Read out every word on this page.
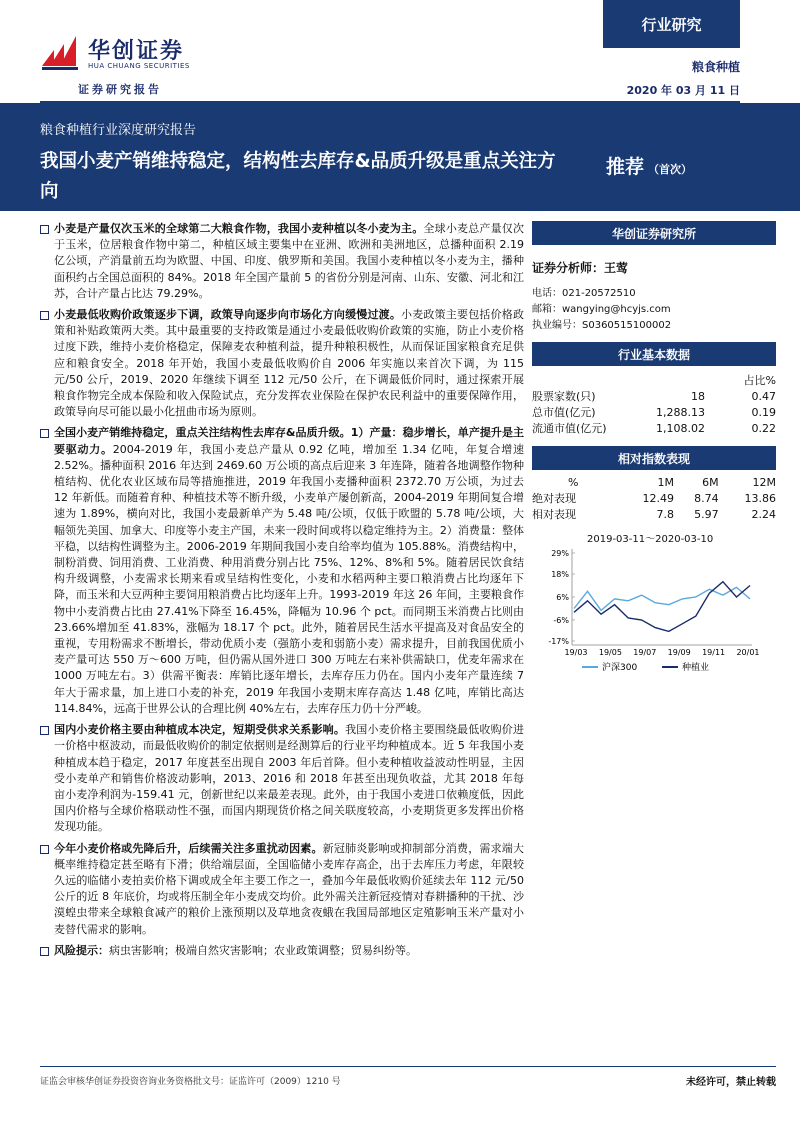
华创证券
HUA CHUANG SECURITIES
证券研究报告
行业研究
粮食种植
2020 年 03 月 11 日
粮食种植行业深度研究报告
我国小麦产销维持稳定，结构性去库存&品质升级是重点关注方向
推荐 （首次）
小麦是产量仅次玉米的全球第二大粮食作物，我国小麦种植以冬小麦为主。全球小麦总产量仅次于玉米，位居粮食作物中第二，种植区域主要集中在亚洲、欧洲和美洲地区，总播种面积 2.19 亿公顷，产消量前五均为欧盟、中国、印度、俄罗斯和美国。我国小麦种植以冬小麦为主，播种面积约占全国总面积的 84%。2018 年全国产量前 5 的省份分别是河南、山东、安徽、河北和江苏，合计产量占比达 79.29%。
小麦最低收购价政策逐步下调，政策导向逐步向市场化方向缓慢过渡。小麦政策主要包括价格政策和补贴政策两大类。其中最重要的支持政策是通过小麦最低收购价政策的实施，防止小麦价格过度下跌，维持小麦价格稳定，保障麦农种植利益，提升种粮积极性，从而保证国家粮食充足供应和粮食安全。2018 年开始，我国小麦最低收购价自 2006 年实施以来首次下调，为 115 元/50 公斤，2019、2020 年继续下调至 112 元/50 公斤，在下调最低价同时，通过探索开展粮食作物完全成本保险和收入保险试点，充分发挥农业保险在保护农民利益中的重要保障作用，政策导向尽可能以最小化扭曲市场为原则。
全国小麦产销维持稳定，重点关注结构性去库存&品质升级。1）产量：稳步增长，单产提升是主要驱动力。2004-2019 年，我国小麦总产量从 0.92 亿吨，增加至 1.34 亿吨，年复合增速 2.52%。播种面积 2016 年达到 2469.60 万公顷的高点后迎来 3 年连降，随着各地调整作物种植结构、优化农业区域布局等措施推进，2019 年我国小麦播种面积 2372.70 万公顷，为过去 12 年新低。而随着育种、种植技术等不断升级，小麦单产屡创新高，2004-2019 年期间复合增速为 1.89%，横向对比，我国小麦最新单产为 5.48 吨/公顷，仅低于欧盟的 5.78 吨/公顷，大幅领先美国、加拿大、印度等小麦主产国，未来一段时间或将以稳定维持为主。2）消费量：整体平稳，以结构性调整为主。2006-2019 年期间我国小麦自给率均值为 105.88%。消费结构中，制粉消费、饲用消费、工业消费、种用消费分别占比 75%、12%、8%和 5%。随着居民饮食结构升级调整，小麦需求长期来看或呈结构性变化，小麦和水稻两种主要口粮消费占比均逐年下降，而玉米和大豆两种主要饲用粮消费占比均逐年上升。1993-2019 年这 26 年间，主要粮食作物中小麦消费占比由 27.41%下降至 16.45%，降幅为 10.96 个 pct。而同期玉米消费占比则由 23.66%增加至 41.83%，涨幅为 18.17 个 pct。此外，随着居民生活水平提高及对食品安全的重视，专用粉需求不断增长，带动优质小麦（强筋小麦和弱筋小麦）需求提升，目前我国优质小麦产量可达 550 万～600 万吨，但仍需从国外进口 300 万吨左右来补供需缺口，优麦年需求在 1000 万吨左右。3）供需平衡表：库销比逐年增长，去库存压力仍在。国内小麦年产量连续 7 年大于需求量，加上进口小麦的补充，2019 年我国小麦期末库存高达 1.48 亿吨，库销比高达 114.84%，远高于世界公认的合理比例 40%左右，去库存压力仍十分严峻。
国内小麦价格主要由种植成本决定，短期受供求关系影响。我国小麦价格主要围绕最低收购价进一价格中枢波动，而最低收购价的制定依据则是经测算后的行业平均种植成本。近 5 年我国小麦种植成本趋于稳定，2017 年度甚至出现自 2003 年后首降。但小麦种植收益波动性明显，主因受小麦单产和销售价格波动影响，2013、2016 和 2018 年甚至出现负收益，尤其 2018 年每亩小麦净利润为-159.41 元，创新世纪以来最差表现。此外，由于我国小麦进口依赖度低，因此国内价格与全球价格联动性不强，而国内期现货价格之间关联度较高，小麦期货更多发挥出价格发现功能。
今年小麦价格或先降后升，后续需关注多重扰动因素。新冠肺炎影响或抑制部分消费，需求端大概率维持稳定甚至略有下滑；供给端层面，全国临储小麦库存高企，出于去库压力考虑，年限较久远的临储小麦拍卖价格下调或成全年主要工作之一，叠加今年最低收购价延续去年 112 元/50 公斤的近 8 年底价，均或将压制全年小麦成交均价。此外需关注新冠疫情对春耕播种的干扰、沙漠蝗虫带来全球粮食减产的粮价上涨预期以及草地贪夜蛾在我国局部地区定殖影响玉米产量对小麦替代需求的影响。
风险提示：病虫害影响；极端自然灾害影响；农业政策调整；贸易纠纷等。
华创证券研究所
证券分析师：王莺
电话：021-20572510
邮箱：wangying@hcyjs.com
执业编号：S0360515100002
行业基本数据
		占比%
股票家数(只)	18	0.47
总市值(亿元)	1,288.13	0.19
流通市值(亿元)	1,108.02	0.22
相对指数表现
%	1M	6M	12M
绝对表现	12.49	8.74	13.86
相对表现	7.8	5.97	2.24
2019-03-11～2020-03-10
29%
18%
6%
-6%
-17%
19/03 19/05 19/07 19/09 19/11 20/01
沪深300	种植业
证监会审核华创证券投资咨询业务资格批文号：证监许可（2009）1210 号	未经许可，禁止转载
